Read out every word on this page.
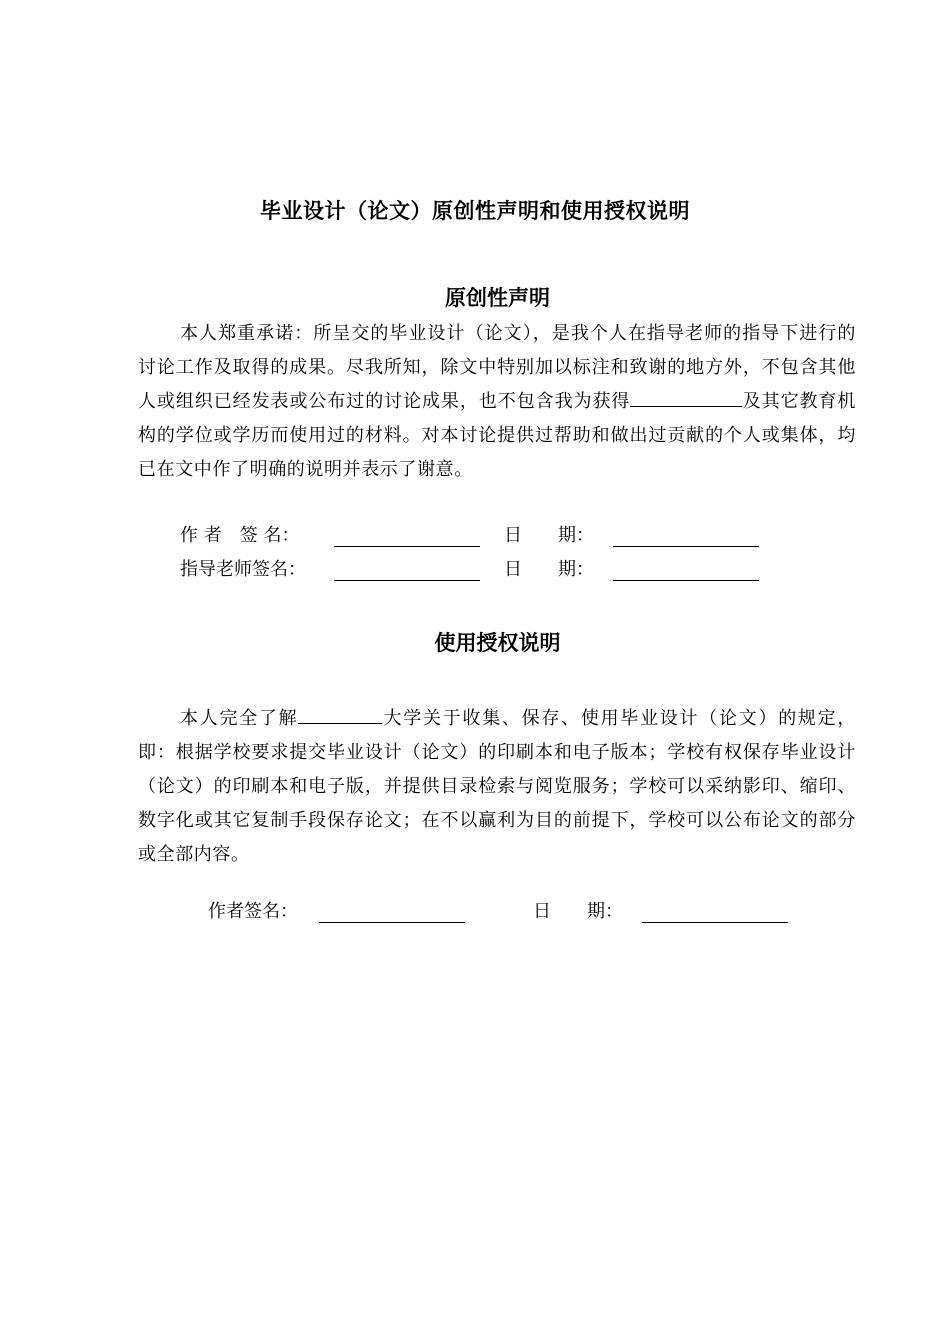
毕业设计（论文）原创性声明和使用授权说明
原创性声明

本人郑重承诺：所呈交的毕业设计（论文），是我个人在指导老师的指导下进行的讨论工作及取得的成果。尽我所知，除文中特别加以标注和致谢的地方外，不包含其他人或组织已经发表或公布过的讨论成果，也不包含我为获得	及其它教育机构的学位或学历而使用过的材料。对本讨论提供过帮助和做出过贡献的个人或集体，均已在文中作了明确的说明并表示了谢意。

作 者　签 名：	日　　期：
指导老师签名：	日　　期：
使用授权说明

本人完全了解	大学关于收集、保存、使用毕业设计（论文）的规定，即：根据学校要求提交毕业设计（论文）的印刷本和电子版本；学校有权保存毕业设计（论文）的印刷本和电子版，并提供目录检索与阅览服务；学校可以采纳影印、缩印、数字化或其它复制手段保存论文；在不以赢利为目的前提下，学校可以公布论文的部分或全部内容。

作者签名：	日　　期：
